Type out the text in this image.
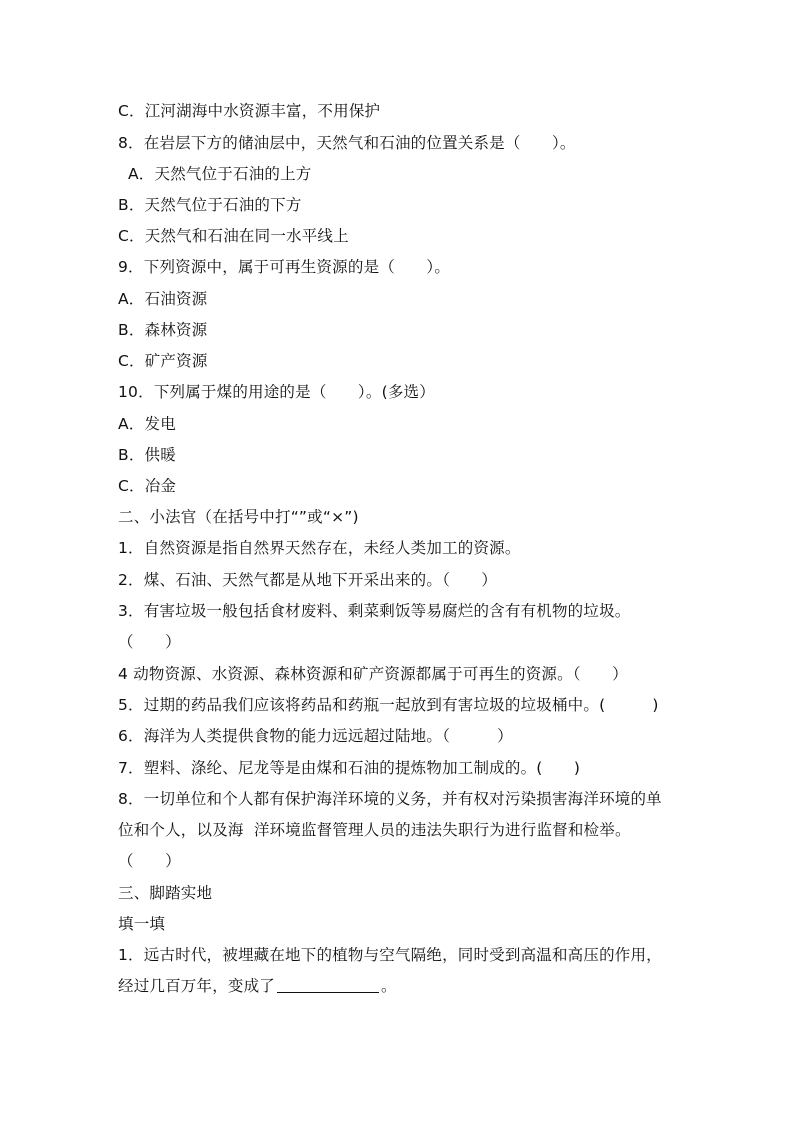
C．江河湖海中水资源丰富，不用保护
8．在岩层下方的储油层中，天然气和石油的位置关系是（　　）。
A．天然气位于石油的上方
B．天然气位于石油的下方
C．天然气和石油在同一水平线上
9．下列资源中，属于可再生资源的是（　　）。
A．石油资源
B．森林资源
C．矿产资源
10．下列属于煤的用途的是（　　）。(多选）
A．发电
B．供暖
C．冶金
二、小法官（在括号中打“”或“×”)
1．自然资源是指自然界天然存在，未经人类加工的资源。
2．煤、石油、天然气都是从地下开采出来的。（　　）
3．有害垃圾一般包括食材废料、剩菜剩饭等易腐烂的含有有机物的垃圾。
（　　）
4 动物资源、水资源、森林资源和矿产资源都属于可再生的资源。（　　）
5．过期的药品我们应该将药品和药瓶一起放到有害垃圾的垃圾桶中。(　　　)
6．海洋为人类提供食物的能力远远超过陆地。（　　　）
7．塑料、涤纶、尼龙等是由煤和石油的提炼物加工制成的。(　　)
8．一切单位和个人都有保护海洋环境的义务，并有权对污染损害海洋环境的单
位和个人，以及海  洋环境监督管理人员的违法失职行为进行监督和检举。
（　　）
三、脚踏实地
填一填
1．远古时代，被埋藏在地下的植物与空气隔绝，同时受到高温和高压的作用，
经过几百万年，变成了	。
